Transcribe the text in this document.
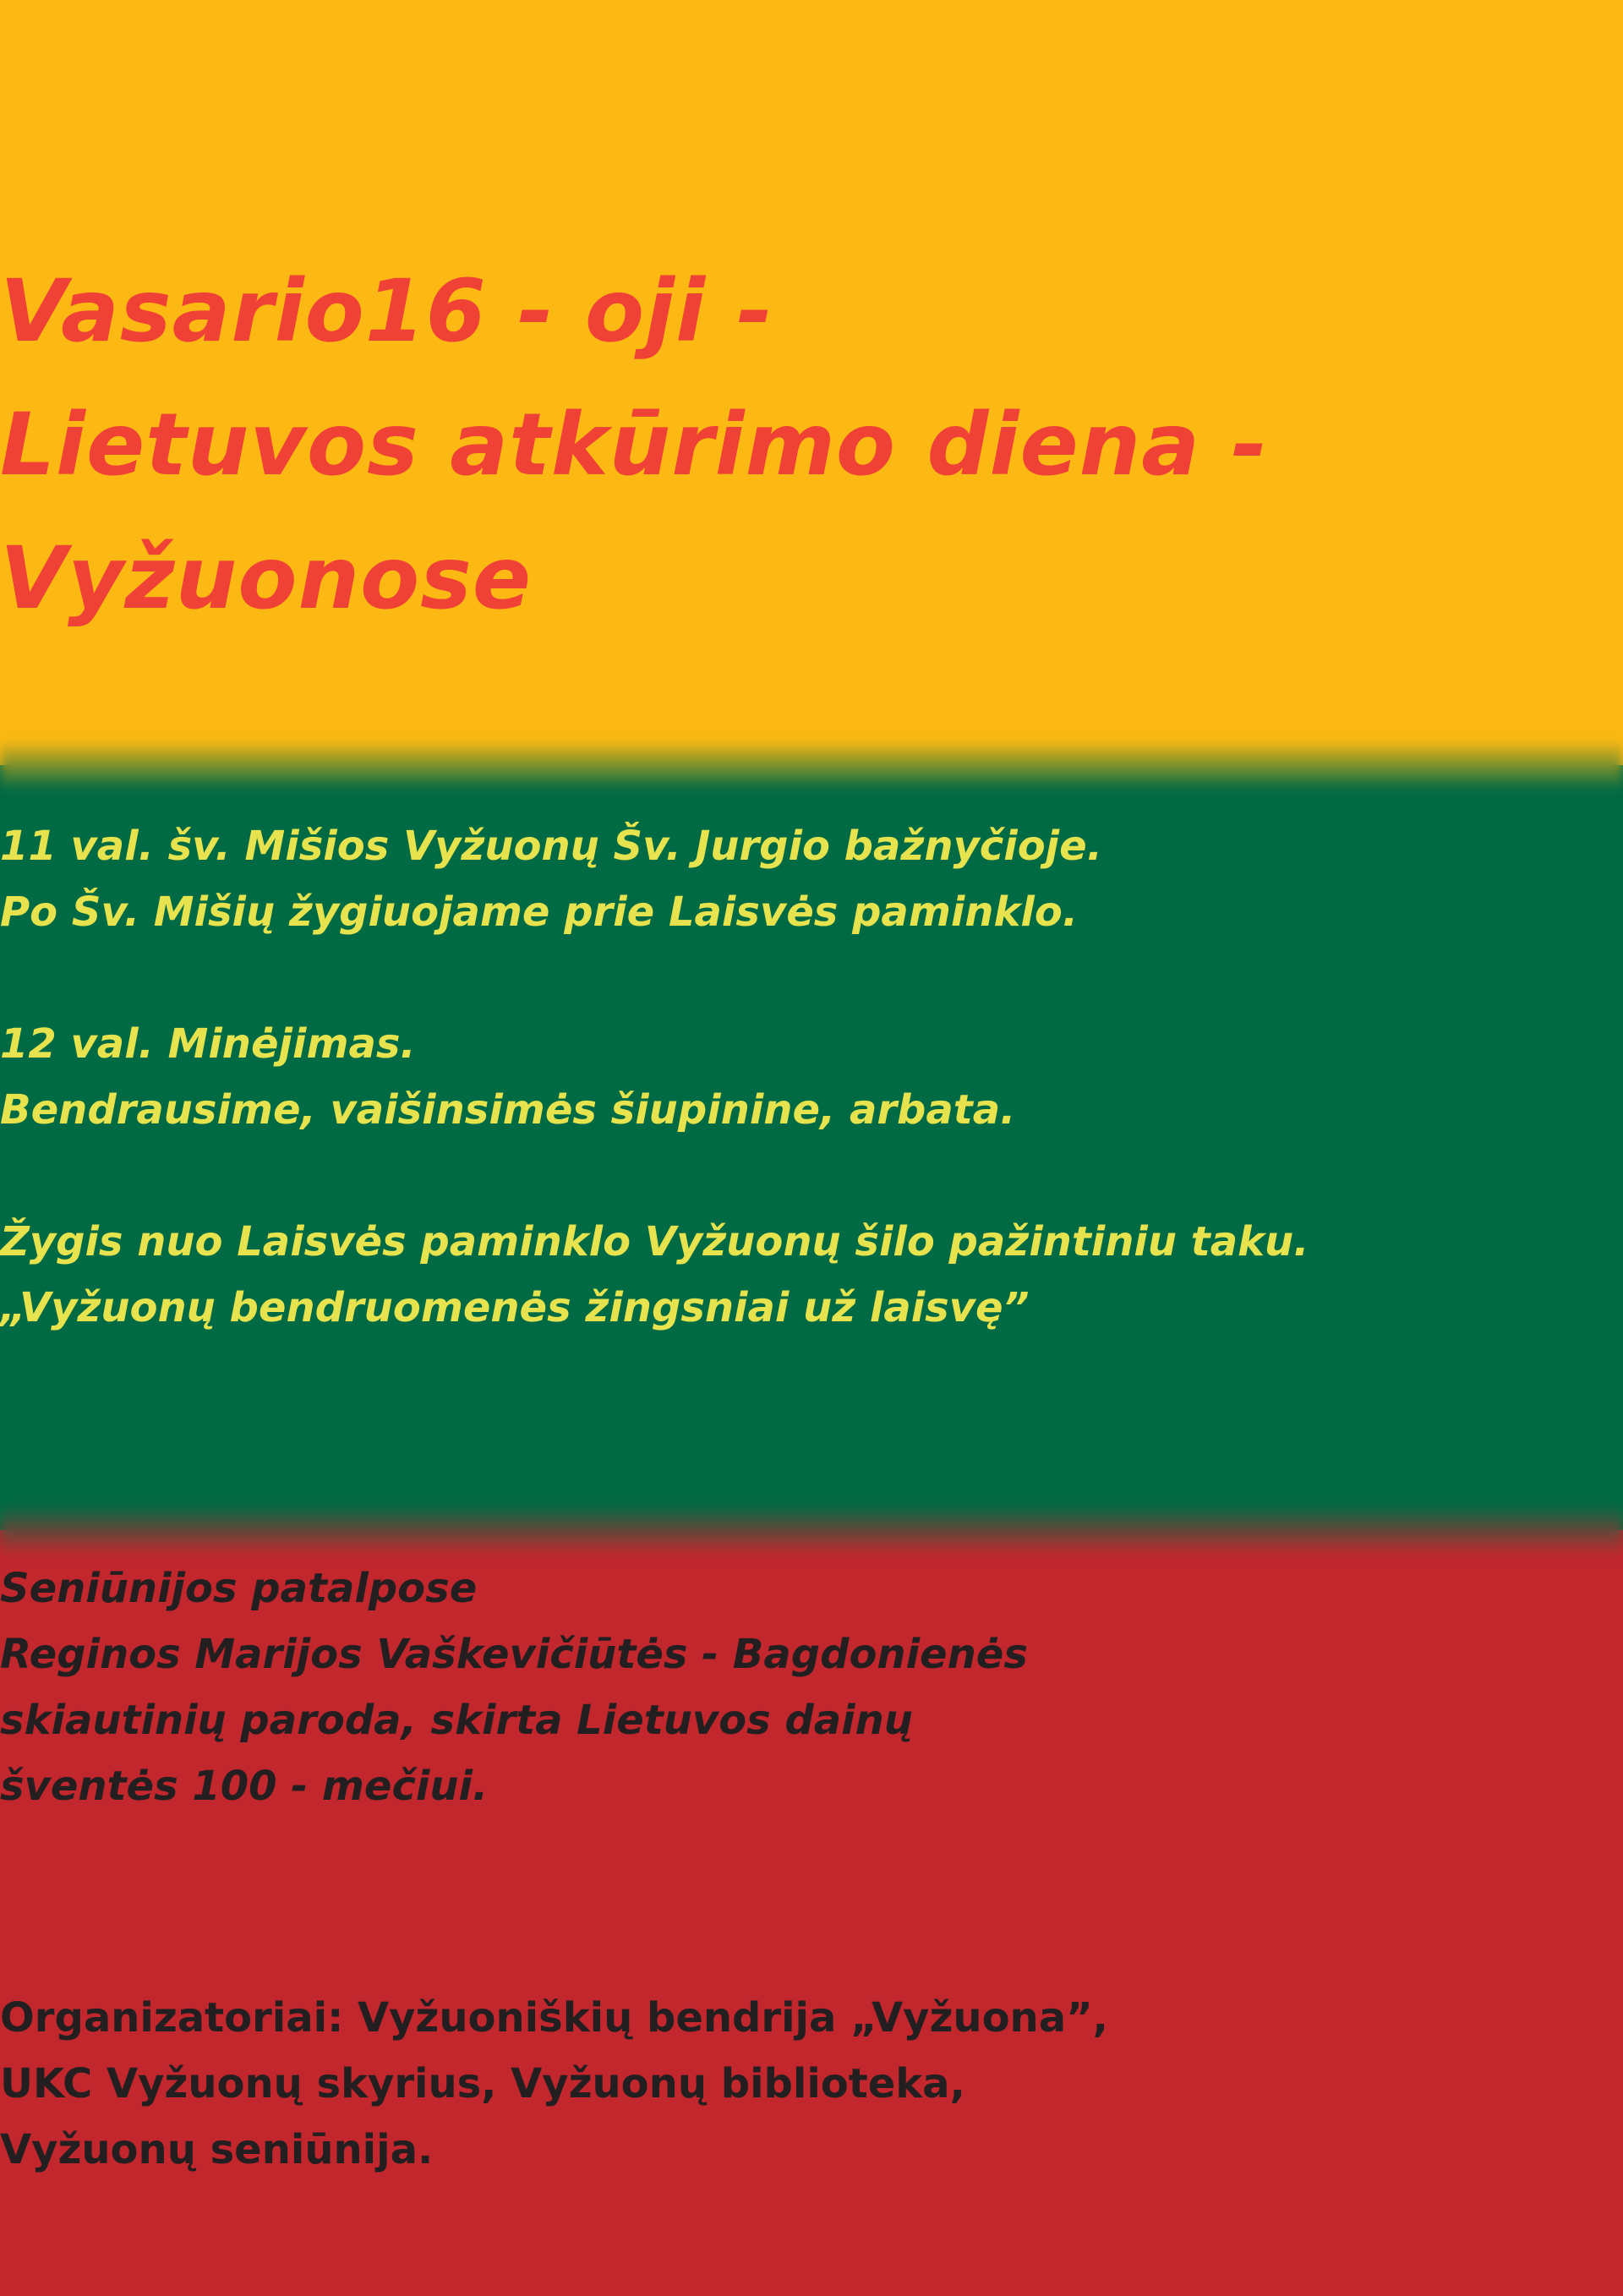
Vasario16 - oji -
Lietuvos atkūrimo diena -
Vyžuonose
11 val. šv. Mišios Vyžuonų Šv. Jurgio bažnyčioje.
Po Šv. Mišių žygiuojame prie Laisvės paminklo.
12 val. Minėjimas.
Bendrausime, vaišinsimės šiupinine, arbata.
Žygis nuo Laisvės paminklo Vyžuonų šilo pažintiniu taku.
„Vyžuonų bendruomenės žingsniai už laisvę”
Seniūnijos patalpose
Reginos Marijos Vaškevičiūtės - Bagdonienės
skiautinių paroda, skirta Lietuvos dainų
šventės 100 - mečiui.
Organizatoriai: Vyžuoniškių bendrija „Vyžuona”,
UKC Vyžuonų skyrius, Vyžuonų biblioteka,
Vyžuonų seniūnija.
